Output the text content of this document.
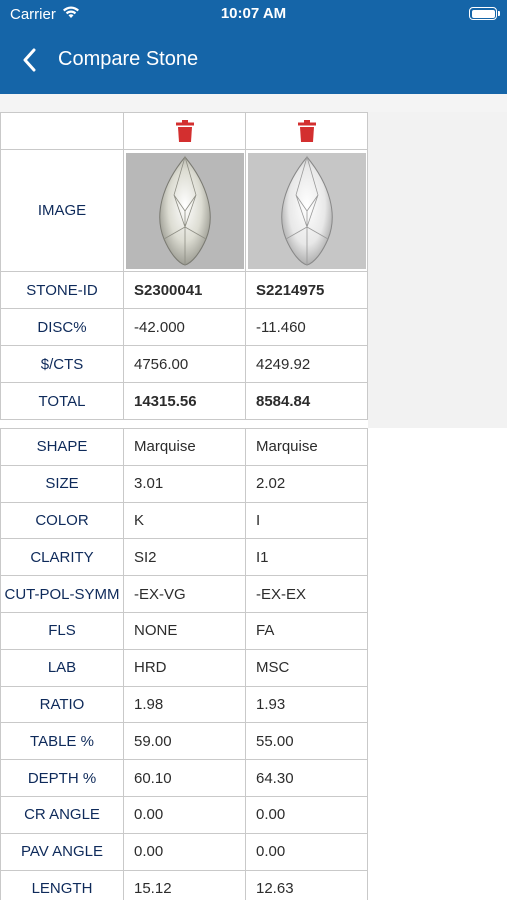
Carrier	10:07 AM
Compare Stone

IMAGE	

STONE-ID	S2300041	S2214975
DISC%	-42.000	-11.460
$/CTS	4756.00	4249.92
TOTAL	14315.56	8584.84
SHAPE	Marquise	Marquise
SIZE	3.01	2.02
COLOR	K	I
CLARITY	SI2	I1
CUT-POL-SYMM	-EX-VG	-EX-EX
FLS	NONE	FA
LAB	HRD	MSC
RATIO	1.98	1.93
TABLE %	59.00	55.00
DEPTH %	60.10	64.30
CR ANGLE	0.00	0.00
PAV ANGLE	0.00	0.00
LENGTH	15.12	12.63
